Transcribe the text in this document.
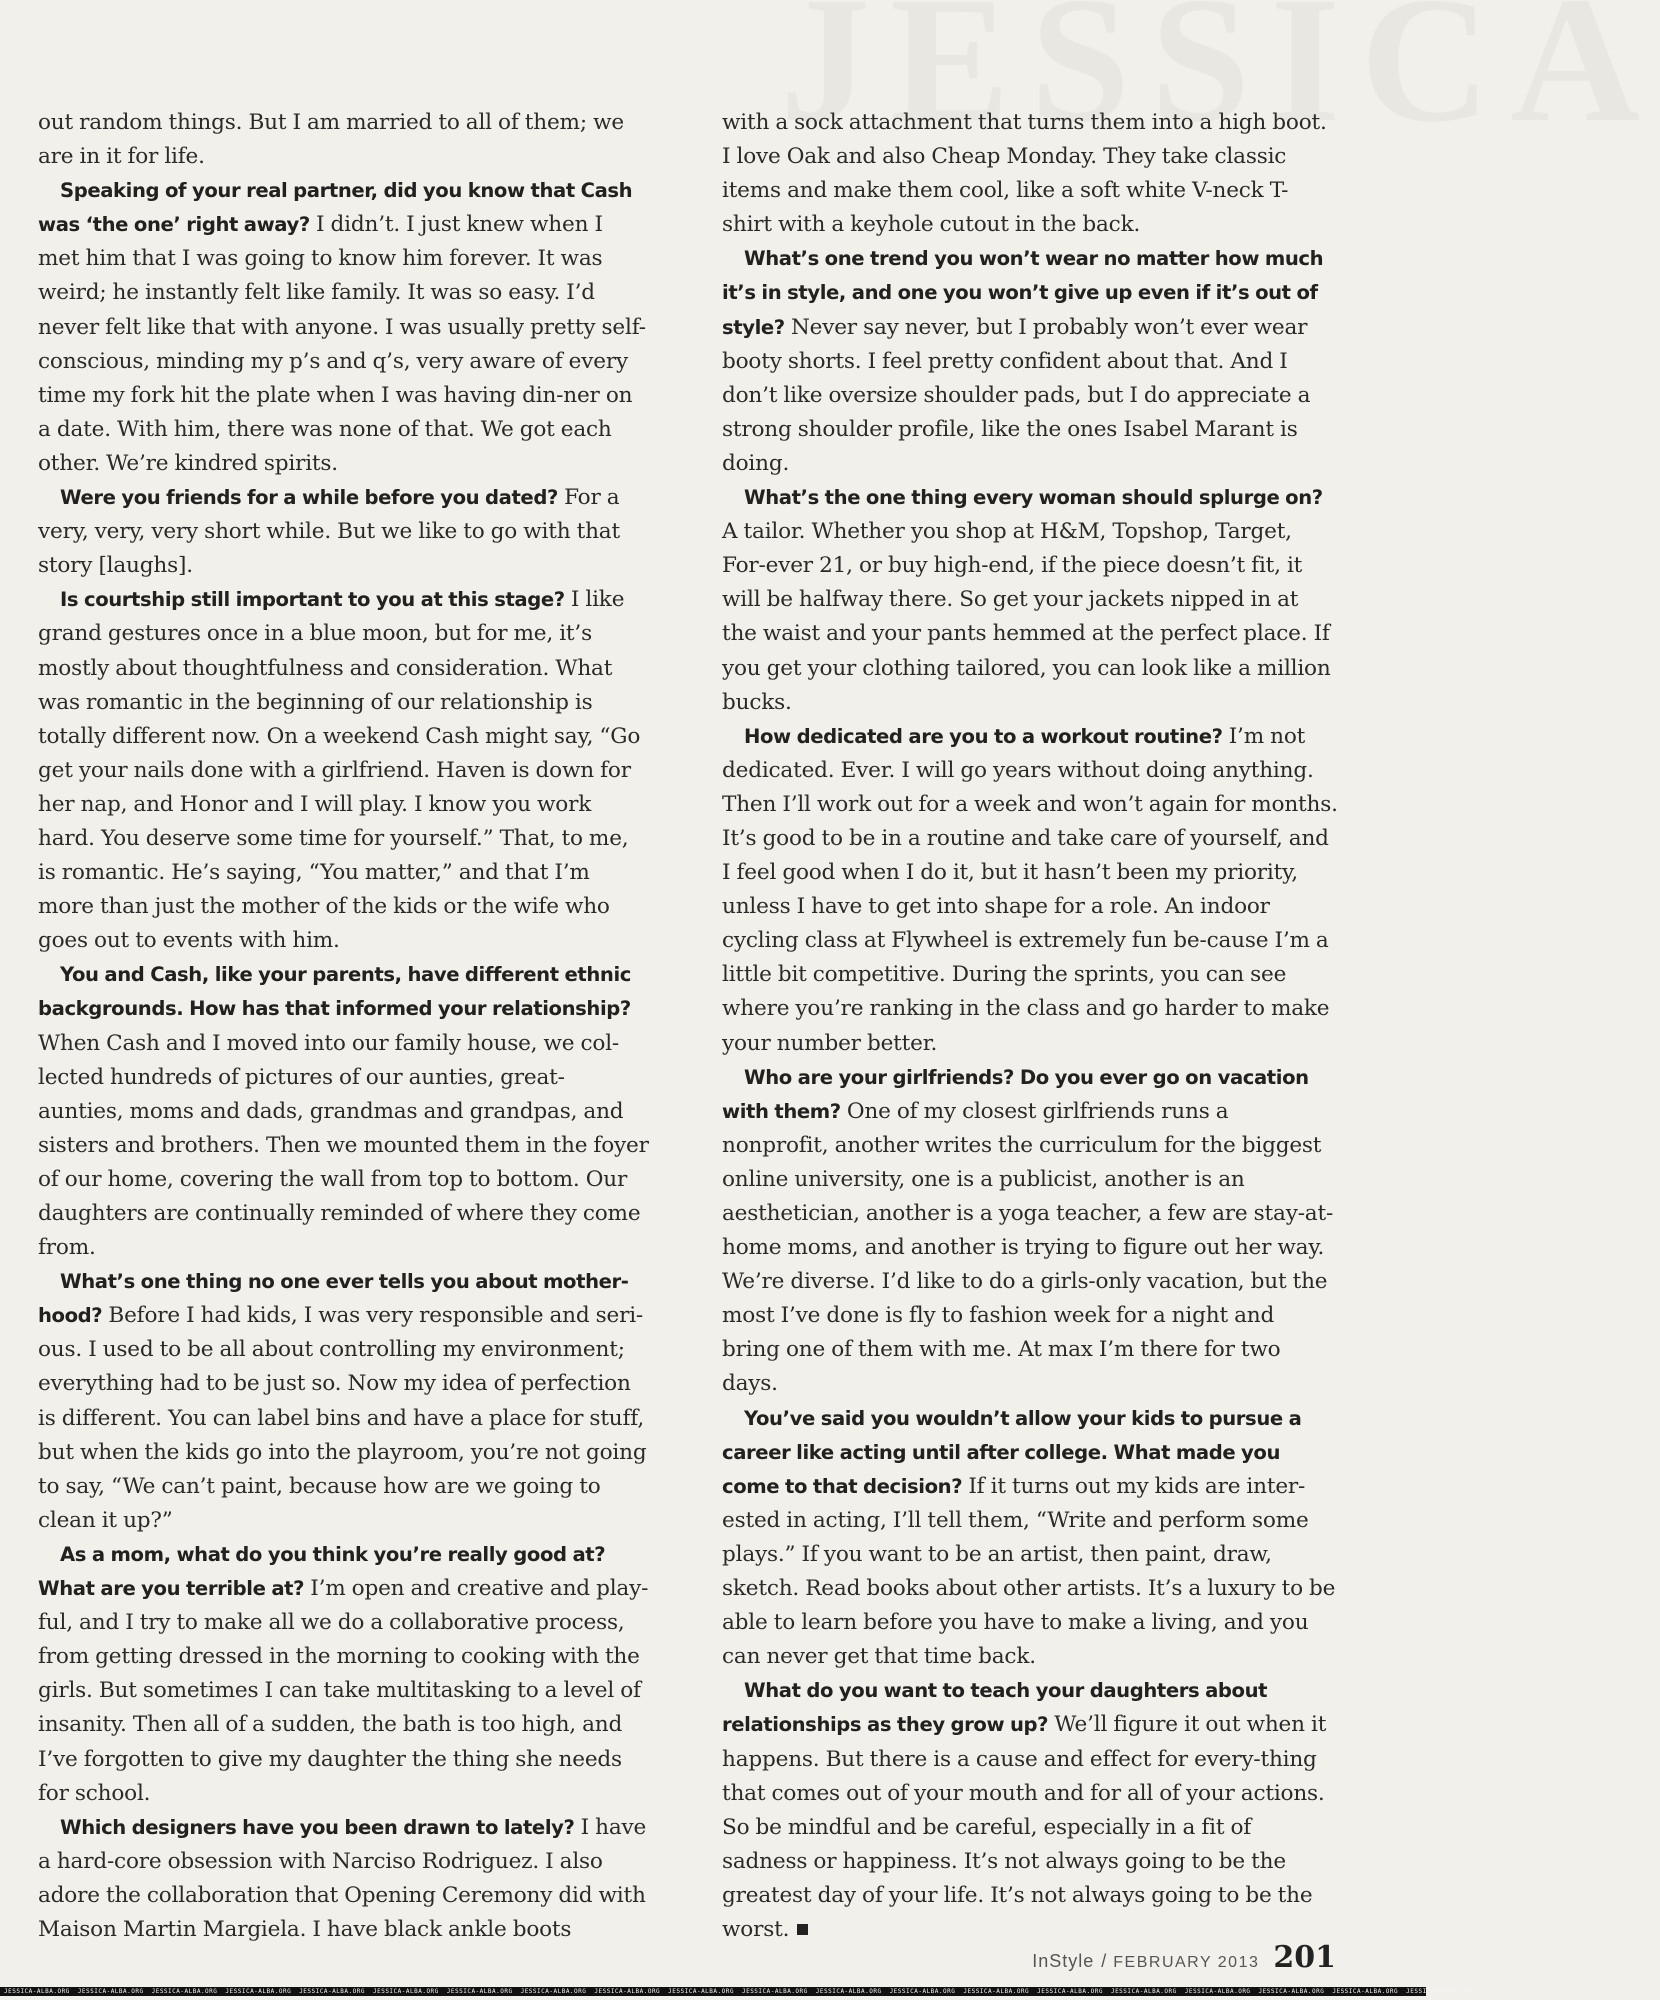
out random things. But I am married to all of them; we are in it for life.

Speaking of your real partner, did you know that Cash was ‘the one’ right away? I didn’t. I just knew when I met him that I was going to know him forever. It was weird; he instantly felt like family. It was so easy. I’d never felt like that with anyone. I was usually pretty self-conscious, minding my p’s and q’s, very aware of every time my fork hit the plate when I was having din-ner on a date. With him, there was none of that. We got each other. We’re kindred spirits.

Were you friends for a while before you dated? For a very, very, very short while. But we like to go with that story [laughs].

Is courtship still important to you at this stage? I like grand gestures once in a blue moon, but for me, it’s mostly about thoughtfulness and consideration. What was romantic in the beginning of our relationship is totally different now. On a weekend Cash might say, “Go get your nails done with a girlfriend. Haven is down for her nap, and Honor and I will play. I know you work hard. You deserve some time for yourself.” That, to me, is romantic. He’s saying, “You matter,” and that I’m more than just the mother of the kids or the wife who goes out to events with him.

You and Cash, like your parents, have different ethnic backgrounds. How has that informed your relationship? When Cash and I moved into our family house, we col-lected hundreds of pictures of our aunties, great-aunties, moms and dads, grandmas and grandpas, and sisters and brothers. Then we mounted them in the foyer of our home, covering the wall from top to bottom. Our daughters are continually reminded of where they come from.

What’s one thing no one ever tells you about mother-hood? Before I had kids, I was very responsible and seri-ous. I used to be all about controlling my environment; everything had to be just so. Now my idea of perfection is different. You can label bins and have a place for stuff, but when the kids go into the playroom, you’re not going to say, “We can’t paint, because how are we going to clean it up?”

As a mom, what do you think you’re really good at? What are you terrible at? I’m open and creative and play-ful, and I try to make all we do a collaborative process, from getting dressed in the morning to cooking with the girls. But sometimes I can take multitasking to a level of insanity. Then all of a sudden, the bath is too high, and I’ve forgotten to give my daughter the thing she needs for school.

Which designers have you been drawn to lately? I have a hard-core obsession with Narciso Rodriguez. I also adore the collaboration that Opening Ceremony did with Maison Martin Margiela. I have black ankle boots

with a sock attachment that turns them into a high boot. I love Oak and also Cheap Monday. They take classic items and make them cool, like a soft white V-neck T-shirt with a keyhole cutout in the back.

What’s one trend you won’t wear no matter how much it’s in style, and one you won’t give up even if it’s out of style? Never say never, but I probably won’t ever wear booty shorts. I feel pretty confident about that. And I don’t like oversize shoulder pads, but I do appreciate a strong shoulder profile, like the ones Isabel Marant is doing.

What’s the one thing every woman should splurge on? A tailor. Whether you shop at H&M, Topshop, Target, For-ever 21, or buy high-end, if the piece doesn’t fit, it will be halfway there. So get your jackets nipped in at the waist and your pants hemmed at the perfect place. If you get your clothing tailored, you can look like a million bucks.

How dedicated are you to a workout routine? I’m not dedicated. Ever. I will go years without doing anything. Then I’ll work out for a week and won’t again for months. It’s good to be in a routine and take care of yourself, and I feel good when I do it, but it hasn’t been my priority, unless I have to get into shape for a role. An indoor cycling class at Flywheel is extremely fun be-cause I’m a little bit competitive. During the sprints, you can see where you’re ranking in the class and go harder to make your number better.

Who are your girlfriends? Do you ever go on vacation with them? One of my closest girlfriends runs a nonprofit, another writes the curriculum for the biggest online university, one is a publicist, another is an aesthetician, another is a yoga teacher, a few are stay-at-home moms, and another is trying to figure out her way. We’re diverse. I’d like to do a girls-only vacation, but the most I’ve done is fly to fashion week for a night and bring one of them with me. At max I’m there for two days.

You’ve said you wouldn’t allow your kids to pursue a career like acting until after college. What made you come to that decision? If it turns out my kids are inter-ested in acting, I’ll tell them, “Write and perform some plays.” If you want to be an artist, then paint, draw, sketch. Read books about other artists. It’s a luxury to be able to learn before you have to make a living, and you can never get that time back.

What do you want to teach your daughters about relationships as they grow up? We’ll figure it out when it happens. But there is a cause and effect for every-thing that comes out of your mouth and for all of your actions. So be mindful and be careful, especially in a fit of sadness or happiness. It’s not always going to be the greatest day of your life. It’s not always going to be the worst.

InStyle / FEBRUARY 2013 201
JESSICA-ALBA.ORG JESSICA-ALBA.ORG JESSICA-ALBA.ORG JESSICA-ALBA.ORG JESSICA-ALBA.ORG JESSICA-ALBA.ORG JESSICA-ALBA.ORG JESSICA-ALBA.ORG JESSICA-ALBA.ORG JESSICA-ALBA.ORG JESSICA-ALBA.ORG JESSICA-ALBA.ORG JESSICA-ALBA.ORG JESSICA-ALBA.ORG JESSICA-ALBA.ORG JESSICA-ALBA.ORG JESSICA-ALBA.ORG JESSICA-ALBA.ORG JESSICA-ALBA.ORG JESSICA-ALBA.ORG
